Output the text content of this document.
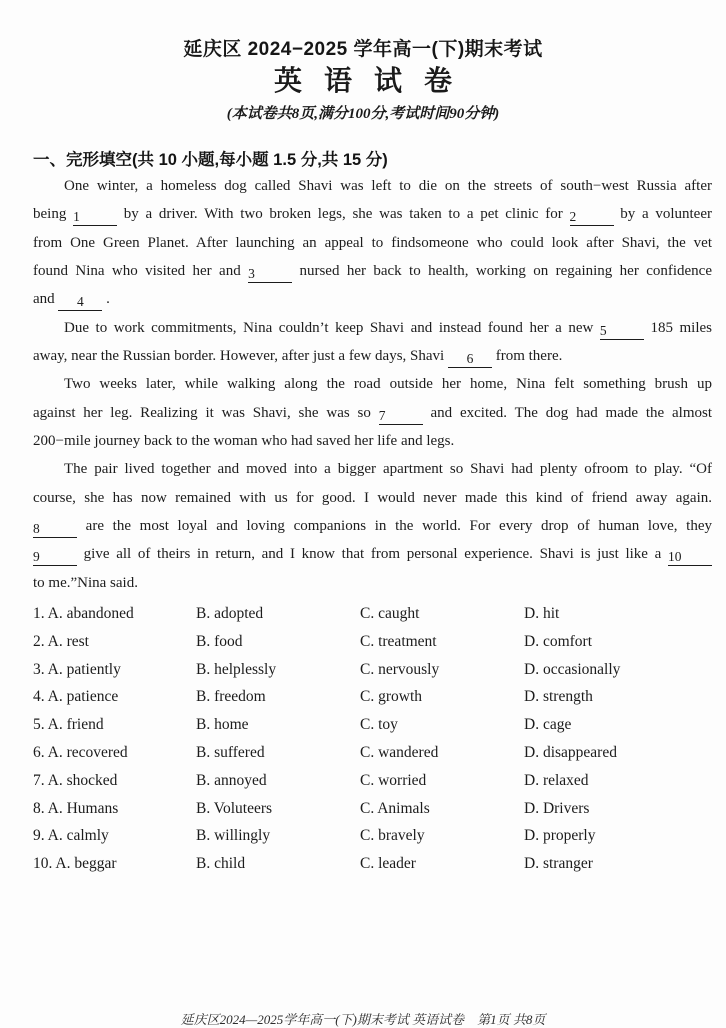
延庆区 2024−2025 学年高一(下)期末考试
英语试卷
(本试卷共8页,满分100分,考试时间90分钟)
一、完形填空(共 10 小题,每小题 1.5 分,共 15 分)
One winter, a homeless dog called Shavi was left to die on the streets of south−west Russia after
being 1 by a driver. With two broken legs, she was taken to a pet clinic for 2 by a volunteer
from One Green Planet. After launching an appeal to findsomeone who could look after Shavi, the vet
found Nina who visited her and 3 nursed her back to health, working on regaining her confidence
and 4 .
Due to work commitments, Nina couldn’t keep Shavi and instead found her a new 5 185 miles
away, near the Russian border. However, after just a few days, Shavi 6 from there.
Two weeks later, while walking along the road outside her home, Nina felt something brush up
against her leg. Realizing it was Shavi, she was so 7 and excited. The dog had made the almost
200−mile journey back to the woman who had saved her life and legs.
The pair lived together and moved into a bigger apartment so Shavi had plenty ofroom to play. “Of
course, she has now remained with us for good. I would never made this kind of friend away again.
8 are the most loyal and loving companions in the world. For every drop of human love, they
9 give all of theirs in return, and I know that from personal experience. Shavi is just like a 10
to me.”Nina said.
1. A. abandoned	B. adopted	C. caught	D. hit
2. A. rest	B. food	C. treatment	D. comfort
3. A. patiently	B. helplessly	C. nervously	D. occasionally
4. A. patience	B. freedom	C. growth	D. strength
5. A. friend	B. home	C. toy	D. cage
6. A. recovered	B. suffered	C. wandered	D. disappeared
7. A. shocked	B. annoyed	C. worried	D. relaxed
8. A. Humans	B. Voluteers	C. Animals	D. Drivers
9. A. calmly	B. willingly	C. bravely	D. properly
10. A. beggar	B. child	C. leader	D. stranger
延庆区2024—2025学年高一(下)期末考试 英语试卷　第1页 共8页
